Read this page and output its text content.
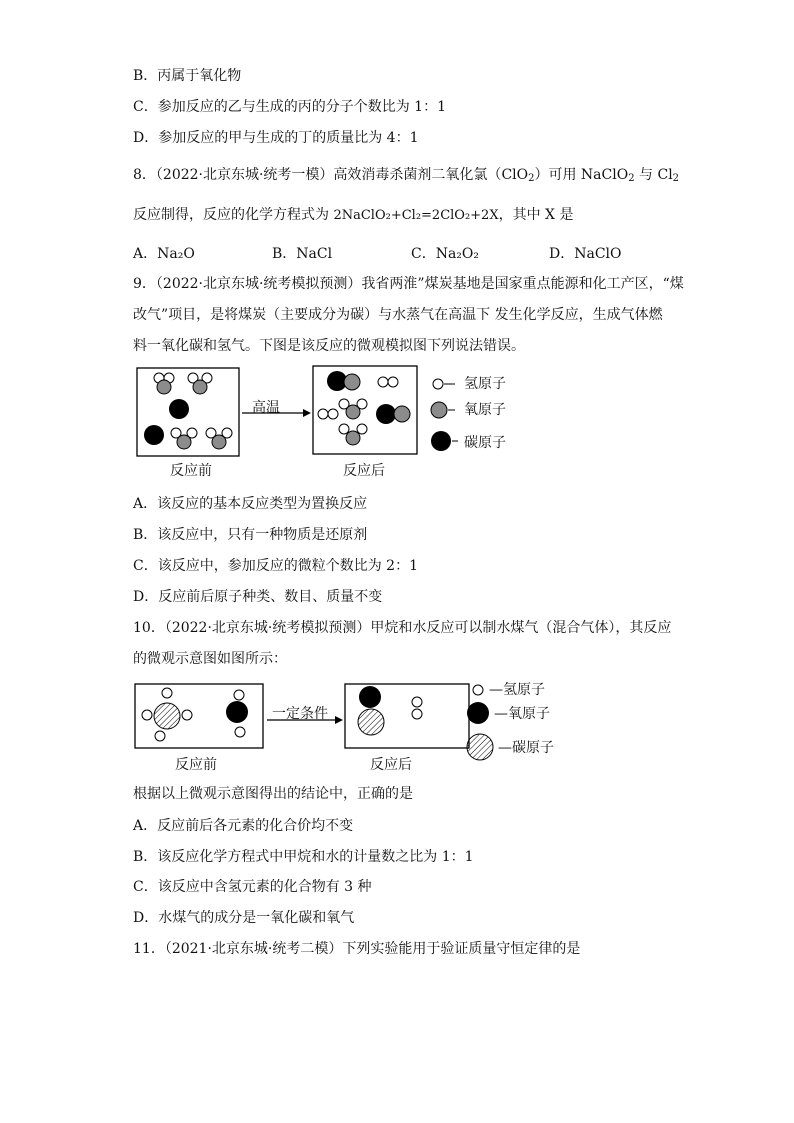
B．丙属于氧化物
C．参加反应的乙与生成的丙的分子个数比为 1：1
D．参加反应的甲与生成的丁的质量比为 4：1
8．（2022·北京东城·统考一模）高效消毒杀菌剂二氧化氯（ClO$_2$）可用 NaClO$_2$ 与 $Cl_2$
反应制得，反应的化学方程式为 2NaClO₂+Cl₂=2ClO₂+2X，其中 X 是
A．Na₂O	B．NaCl	C．Na₂O₂	D．NaClO
9．（2022·北京东城·统考模拟预测）我省两淮”煤炭基地是国家重点能源和化工产区，“煤
改气”项目，是将煤炭（主要成分为碳）与水蒸气在高温下 发生化学反应，生成气体燃
料一氧化碳和氢气。下图是该反应的微观模拟图下列说法错误。
高温
反应前	反应后
氢原子
氧原子
碳原子
A．该反应的基本反应类型为置换反应
B．该反应中，只有一种物质是还原剂
C．该反应中，参加反应的微粒个数比为 2：1
D．反应前后原子种类、数目、质量不变
10．（2022·北京东城·统考模拟预测）甲烷和水反应可以制水煤气（混合气体），其反应
的微观示意图如图所示：
一定条件
反应前	反应后
—氢原子
—氧原子
—碳原子
根据以上微观示意图得出的结论中，正确的是
A．反应前后各元素的化合价均不变
B．该反应化学方程式中甲烷和水的计量数之比为 1：1
C．该反应中含氢元素的化合物有 3 种
D．水煤气的成分是一氧化碳和氧气
11．（2021·北京东城·统考二模）下列实验能用于验证质量守恒定律的是
